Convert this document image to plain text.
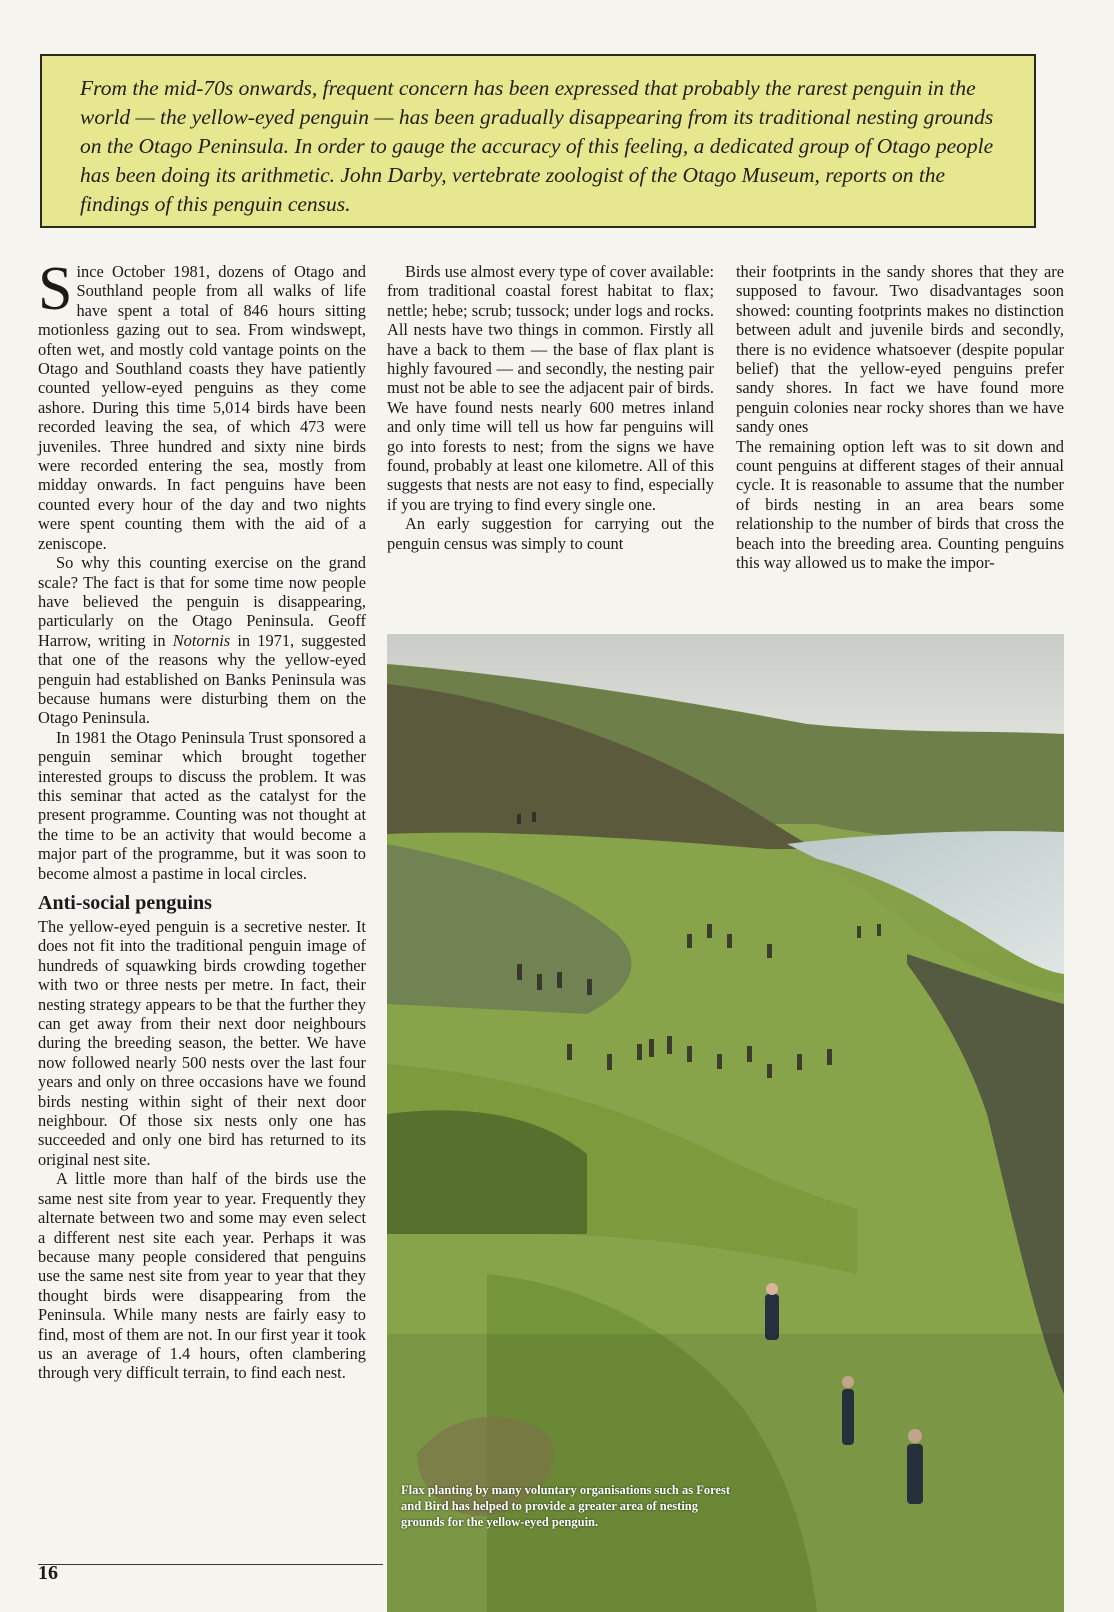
From the mid-70s onwards, frequent concern has been expressed that probably the rarest penguin in the world — the yellow-eyed penguin — has been gradually disappearing from its traditional nesting grounds on the Otago Peninsula. In order to gauge the accuracy of this feeling, a dedicated group of Otago people has been doing its arithmetic. John Darby, vertebrate zoologist of the Otago Museum, reports on the findings of this penguin census.

Since October 1981, dozens of Otago and Southland people from all walks of life have spent a total of 846 hours sitting motionless gazing out to sea. From windswept, often wet, and mostly cold vantage points on the Otago and Southland coasts they have patiently counted yellow-eyed penguins as they come ashore. During this time 5,014 birds have been recorded leaving the sea, of which 473 were juveniles. Three hundred and sixty nine birds were recorded entering the sea, mostly from midday onwards. In fact penguins have been counted every hour of the day and two nights were spent counting them with the aid of a zeniscope.

So why this counting exercise on the grand scale? The fact is that for some time now people have believed the penguin is disappearing, particularly on the Otago Peninsula. Geoff Harrow, writing in Notornis in 1971, suggested that one of the reasons why the yellow-eyed penguin had established on Banks Peninsula was because humans were disturbing them on the Otago Peninsula.

In 1981 the Otago Peninsula Trust sponsored a penguin seminar which brought together interested groups to discuss the problem. It was this seminar that acted as the catalyst for the present programme. Counting was not thought at the time to be an activity that would become a major part of the programme, but it was soon to become almost a pastime in local circles.

Anti-social penguins

The yellow-eyed penguin is a secretive nester. It does not fit into the traditional penguin image of hundreds of squawking birds crowding together with two or three nests per metre. In fact, their nesting strategy appears to be that the further they can get away from their next door neighbours during the breeding season, the better. We have now followed nearly 500 nests over the last four years and only on three occasions have we found birds nesting within sight of their next door neighbour. Of those six nests only one has succeeded and only one bird has returned to its original nest site.

A little more than half of the birds use the same nest site from year to year. Frequently they alternate between two and some may even select a different nest site each year. Perhaps it was because many people considered that penguins use the same nest site from year to year that they thought birds were disappearing from the Peninsula. While many nests are fairly easy to find, most of them are not. In our first year it took us an average of 1.4 hours, often clambering through very difficult terrain, to find each nest.

Birds use almost every type of cover available: from traditional coastal forest habitat to flax; nettle; hebe; scrub; tussock; under logs and rocks. All nests have two things in common. Firstly all have a back to them — the base of flax plant is highly favoured — and secondly, the nesting pair must not be able to see the adjacent pair of birds. We have found nests nearly 600 metres inland and only time will tell us how far penguins will go into forests to nest; from the signs we have found, probably at least one kilometre. All of this suggests that nests are not easy to find, especially if you are trying to find every single one.

An early suggestion for carrying out the penguin census was simply to count

their footprints in the sandy shores that they are supposed to favour. Two disadvantages soon showed: counting footprints makes no distinction between adult and juvenile birds and secondly, there is no evidence whatsoever (despite popular belief) that the yellow-eyed penguins prefer sandy shores. In fact we have found more penguin colonies near rocky shores than we have sandy ones

The remaining option left was to sit down and count penguins at different stages of their annual cycle. It is reasonable to assume that the number of birds nesting in an area bears some relationship to the number of birds that cross the beach into the breeding area. Counting penguins this way allowed us to make the impor-

Flax planting by many voluntary organisations such as Forest and Bird has helped to provide a greater area of nesting grounds for the yellow-eyed penguin.
16
